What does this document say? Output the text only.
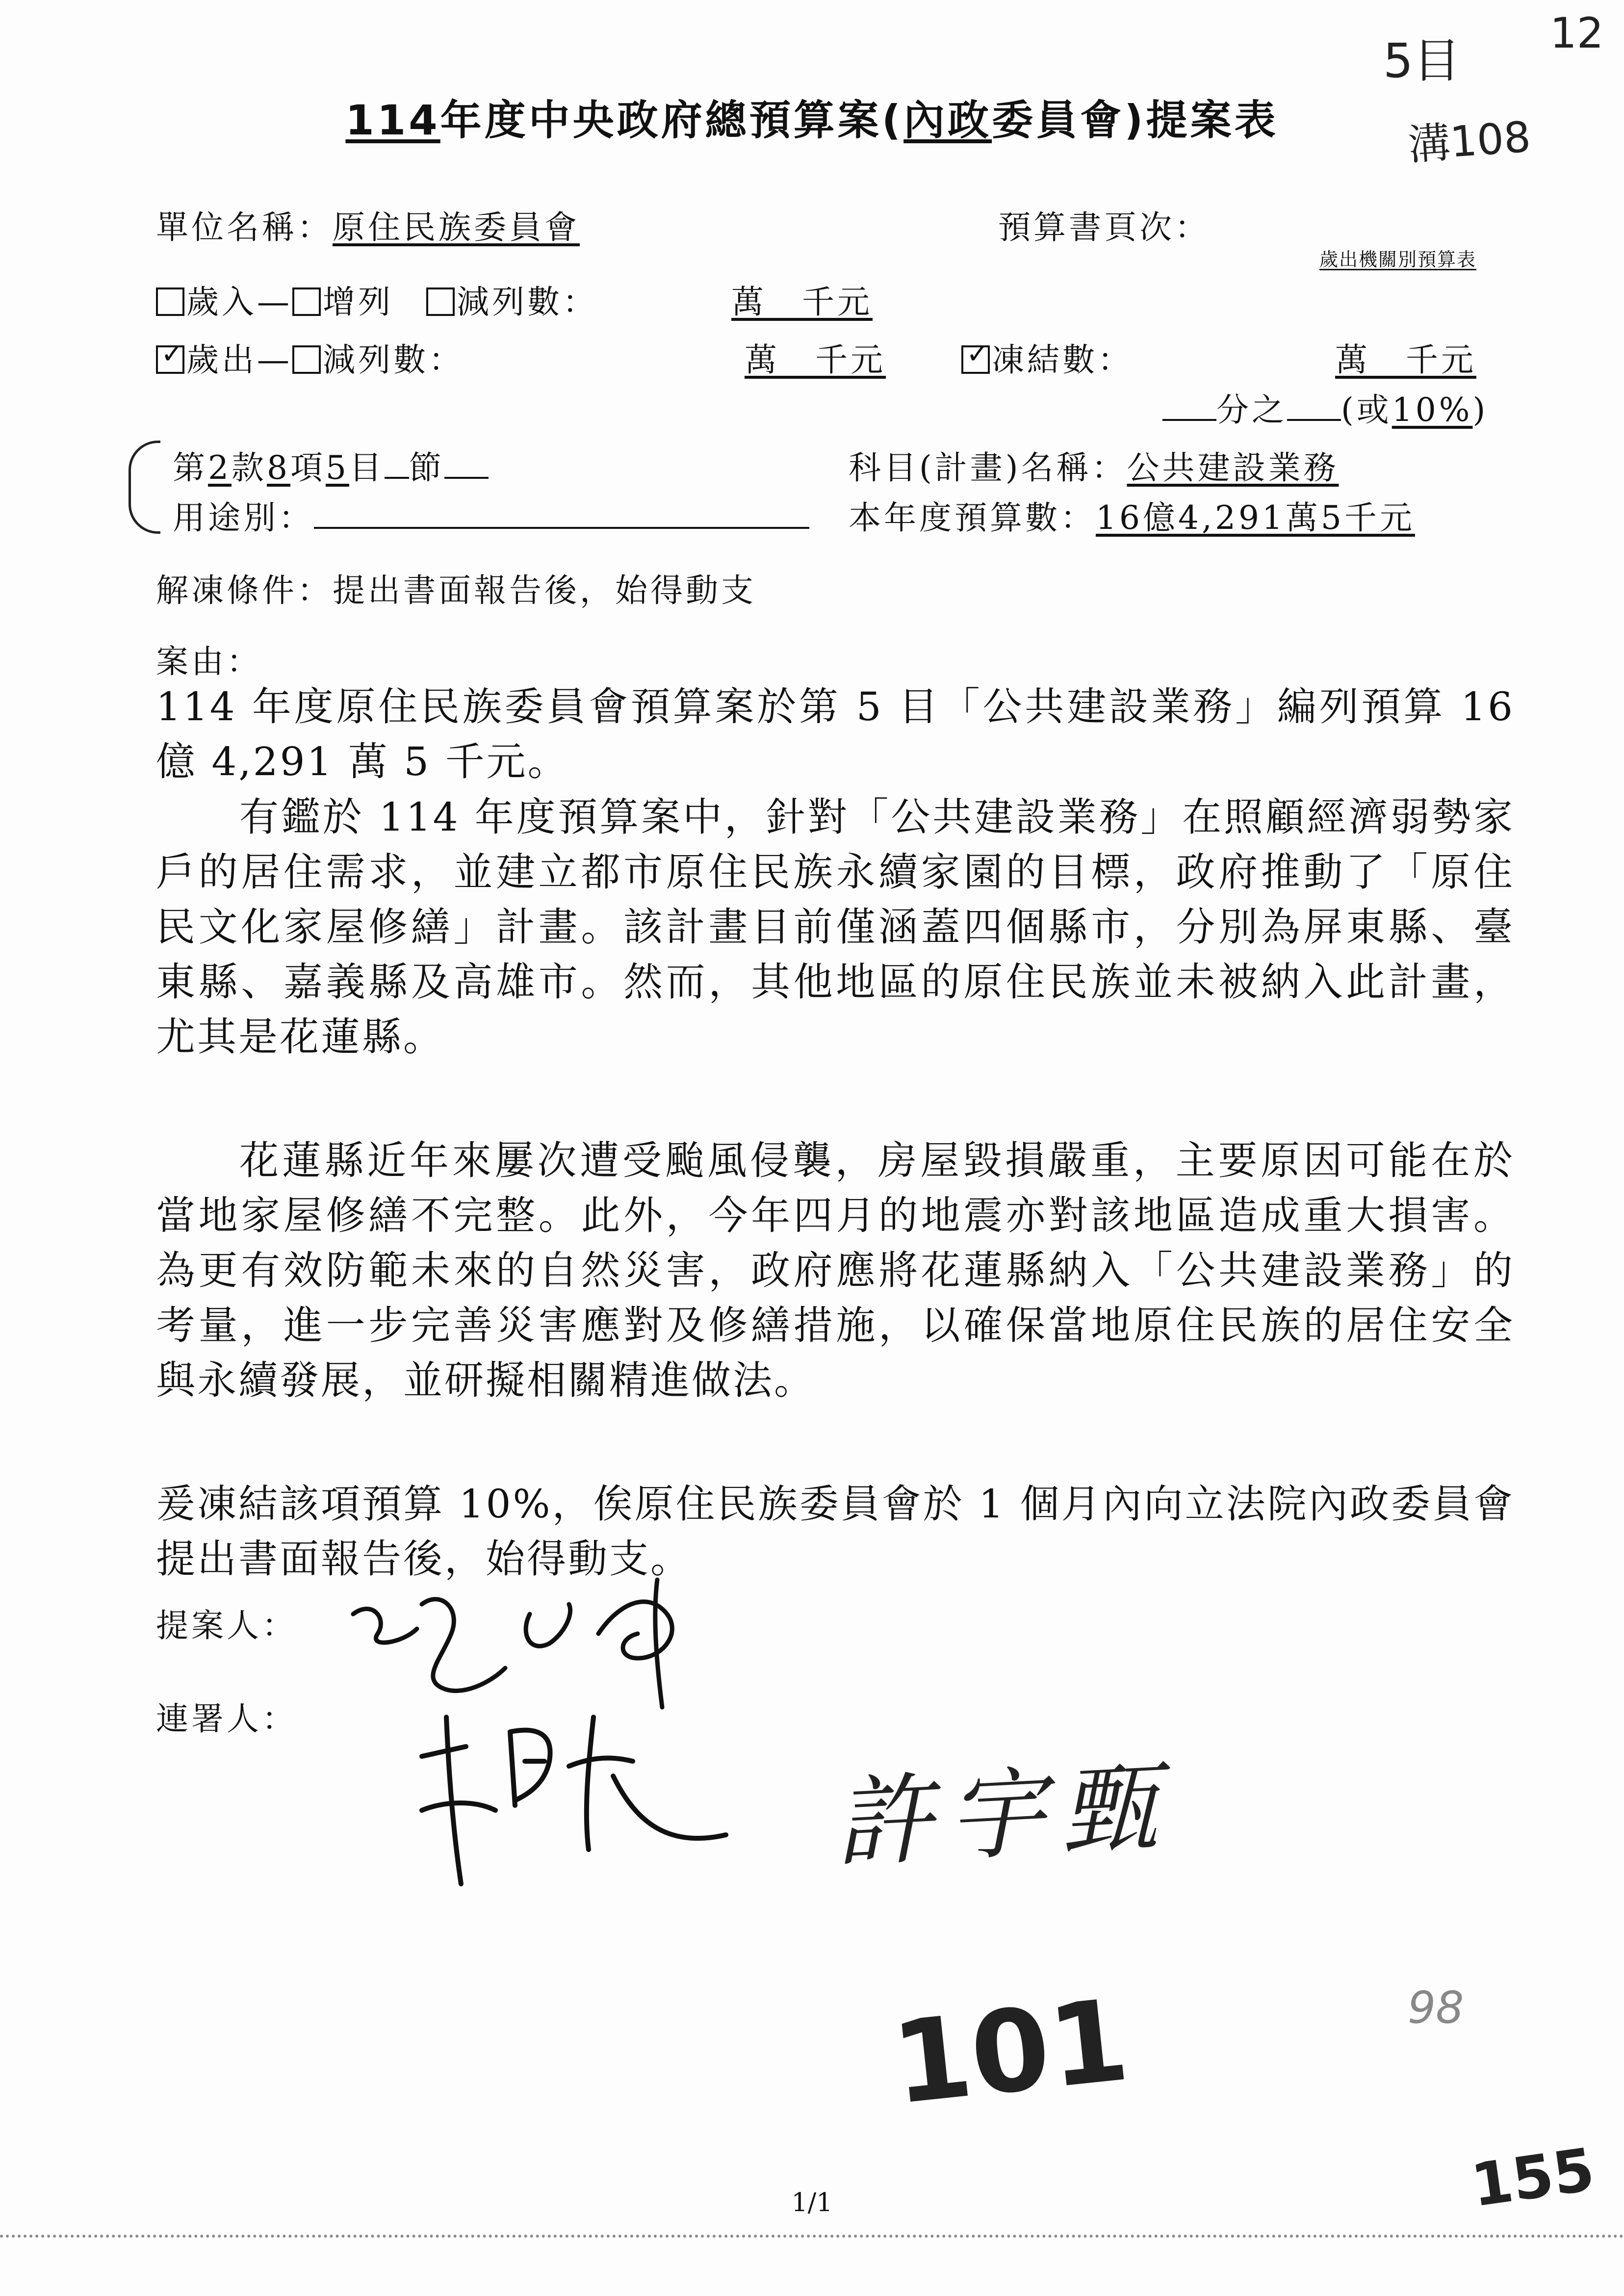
114年度中央政府總預算案(內政委員會)提案表
單位名稱：原住民族委員會	預算書頁次：
歲出機關別預算表
歲入— 增列 減列數：	萬　千元
✓歲出— 減列數：	萬　千元
✓	凍結數：	萬　千元
分之 (或10%)
第2款8項5目 節	科目(計畫)名稱：公共建設業務
用途別：	本年度預算數：16億4,291萬5千元
解凍條件：提出書面報告後，始得動支
案由：
114 年度原住民族委員會預算案於第 5 目「公共建設業務」編列預算 16 億 4,291 萬 5 千元。
有鑑於 114 年度預算案中，針對「公共建設業務」在照顧經濟弱勢家戶的居住需求，並建立都市原住民族永續家園的目標，政府推動了「原住民文化家屋修繕」計畫。該計畫目前僅涵蓋四個縣市，分別為屏東縣、臺東縣、嘉義縣及高雄市。然而，其他地區的原住民族並未被納入此計畫，尤其是花蓮縣。
花蓮縣近年來屢次遭受颱風侵襲，房屋毀損嚴重，主要原因可能在於當地家屋修繕不完整。此外，今年四月的地震亦對該地區造成重大損害。為更有效防範未來的自然災害，政府應將花蓮縣納入「公共建設業務」的考量，進一步完善災害應對及修繕措施，以確保當地原住民族的居住安全與永續發展，並研擬相關精進做法。
爰凍結該項預算 10%，俟原住民族委員會於 1 個月內向立法院內政委員會提出書面報告後，始得動支。
提案人：
連署人：
許宇甄
5目
溝108
12
98
101
155
1/1
